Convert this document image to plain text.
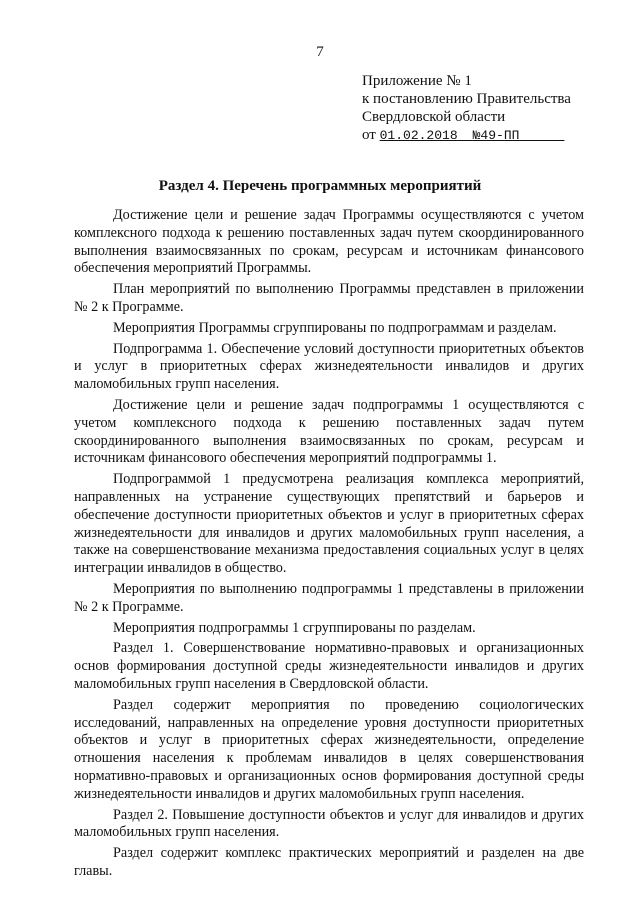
7
Приложение № 1
к постановлению Правительства
Свердловской области
от 01.02.2018 №49-ПП
Раздел 4. Перечень программных мероприятий

Достижение цели и решение задач Программы осуществляются с учетом комплексного подхода к решению поставленных задач путем скоординированного выполнения взаимосвязанных по срокам, ресурсам и источникам финансового обеспечения мероприятий Программы.

План мероприятий по выполнению Программы представлен в приложении № 2 к Программе.

Мероприятия Программы сгруппированы по подпрограммам и разделам.

Подпрограмма 1. Обеспечение условий доступности приоритетных объектов и услуг в приоритетных сферах жизнедеятельности инвалидов и других маломобильных групп населения.

Достижение цели и решение задач подпрограммы 1 осуществляются с учетом комплексного подхода к решению поставленных задач путем скоординированного выполнения взаимосвязанных по срокам, ресурсам и источникам финансового обеспечения мероприятий подпрограммы 1.

Подпрограммой 1 предусмотрена реализация комплекса мероприятий, направленных на устранение существующих препятствий и барьеров и обеспечение доступности приоритетных объектов и услуг в приоритетных сферах жизнедеятельности для инвалидов и других маломобильных групп населения, а также на совершенствование механизма предоставления социальных услуг в целях интеграции инвалидов в общество.

Мероприятия по выполнению подпрограммы 1 представлены в приложении № 2 к Программе.

Мероприятия подпрограммы 1 сгруппированы по разделам.

Раздел 1. Совершенствование нормативно-правовых и организационных основ формирования доступной среды жизнедеятельности инвалидов и других маломобильных групп населения в Свердловской области.

Раздел содержит мероприятия по проведению социологических исследований, направленных на определение уровня доступности приоритетных объектов и услуг в приоритетных сферах жизнедеятельности, определение отношения населения к проблемам инвалидов в целях совершенствования нормативно-правовых и организационных основ формирования доступной среды жизнедеятельности инвалидов и других маломобильных групп населения.

Раздел 2. Повышение доступности объектов и услуг для инвалидов и других маломобильных групп населения.

Раздел содержит комплекс практических мероприятий и разделен на две главы.
